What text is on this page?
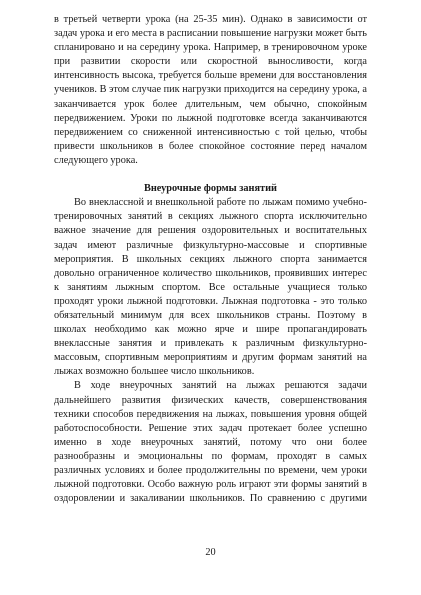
в третьей четверти урока (на 25-35 мин). Однако в зависимости от задач урока и его места в расписании повышение нагрузки может быть спланировано и на середину урока. Например, в тренировочном уроке при развитии скорости или скоростной выносливости, когда интенсивность высока, требуется больше времени для восстановления учеников. В этом случае пик нагрузки приходится на середину урока, а заканчивается урок более длительным, чем обычно, спокойным передвижением. Уроки по лыжной подготовке всегда заканчиваются передвижением со сниженной интенсивностью с той целью, чтобы привести школьников в более спокойное состояние перед началом следующего урока.

Внеурочные формы занятий

Во внеклассной и внешкольной работе по лыжам помимо учебно-тренировочных занятий в секциях лыжного спорта исключительно важное значение для решения оздоровительных и воспитательных задач имеют различные физкультурно-массовые и спортивные мероприятия. В школьных секциях лыжного спорта занимается довольно ограниченное количество школьников, проявивших интерес к занятиям лыжным спортом. Все остальные учащиеся только проходят уроки лыжной подготовки. Лыжная подготовка - это только обязательный минимум для всех школьников страны. Поэтому в школах необходимо как можно ярче и шире пропагандировать внеклассные занятия и привлекать к различным физкультурно-массовым, спортивным мероприятиям и другим формам занятий на лыжах возможно большее число школьников.

В ходе внеурочных занятий на лыжах решаются задачи дальнейшего развития физических качеств, совершенствования техники способов передвижения на лыжах, повышения уровня общей работоспособности. Решение этих задач протекает более успешно именно в ходе внеурочных занятий, потому что они более разнообразны и эмоциональны по формам, проходят в самых различных условиях и более продолжительны по времени, чем уроки лыжной подготовки. Особо важную роль играют эти формы занятий в оздоровлении и закаливании школьников. По сравнению с другими

20
